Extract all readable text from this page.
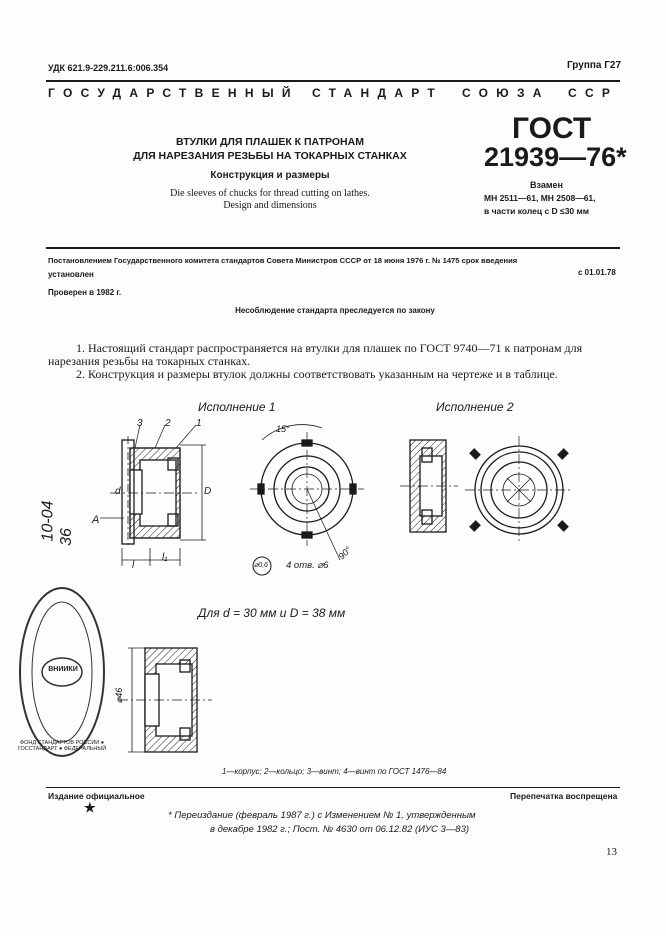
УДК 621.9-229.211.6:006.354	Группа Г27
ГОСУДАРСТВЕННЫЙ СТАНДАРТ СОЮЗА ССР
ВТУЛКИ ДЛЯ ПЛАШЕК К ПАТРОНАМ
ДЛЯ НАРЕЗАНИЯ РЕЗЬБЫ НА ТОКАРНЫХ СТАНКАХ
Конструкция и размеры
Die sleeves of chucks for thread cutting on lathes.
Design and dimensions
ГОСТ
21939—76*
Взамен
МН 2511—61, МН 2508—61,
в части колец с D ≤30 мм
Постановлением Государственного комитета стандартов Совета Министров СССР от 18 июня 1976 г. № 1475 срок введения
установлен	с 01.01.78
Проверен в 1982 г.
Несоблюдение стандарта преследуется по закону
1. Настоящий стандарт распространяется на втулки для плашек по ГОСТ 9740—71 к патронам для нарезания резьбы на токарных станках.
2. Конструкция и размеры втулок должны соответствовать указанным на чертеже и в таблице.
Исполнение 1	Исполнение 2
3 2	1
l
l₁
D
d
А
15°
90°
4 отв. ⌀6
⌀0,6
Для d = 30 мм и D = 38 мм
⌀46
10-04 36
ВНИИКИ
ФОНД СТАНДАРТОВ РОССИИ ● ГОССТАНДАРТ ● ФЕДЕРАЛЬНЫЙ
1—корпус; 2—кольцо; 3—винт; 4—винт по ГОСТ 1476—84
Издание официальное	Перепечатка воспрещена
★
* Переиздание (февраль 1987 г.) с Изменением № 1, утвержденным
в декабре 1982 г.; Пост. № 4630 от 06.12.82 (ИУС 3—83)
13
